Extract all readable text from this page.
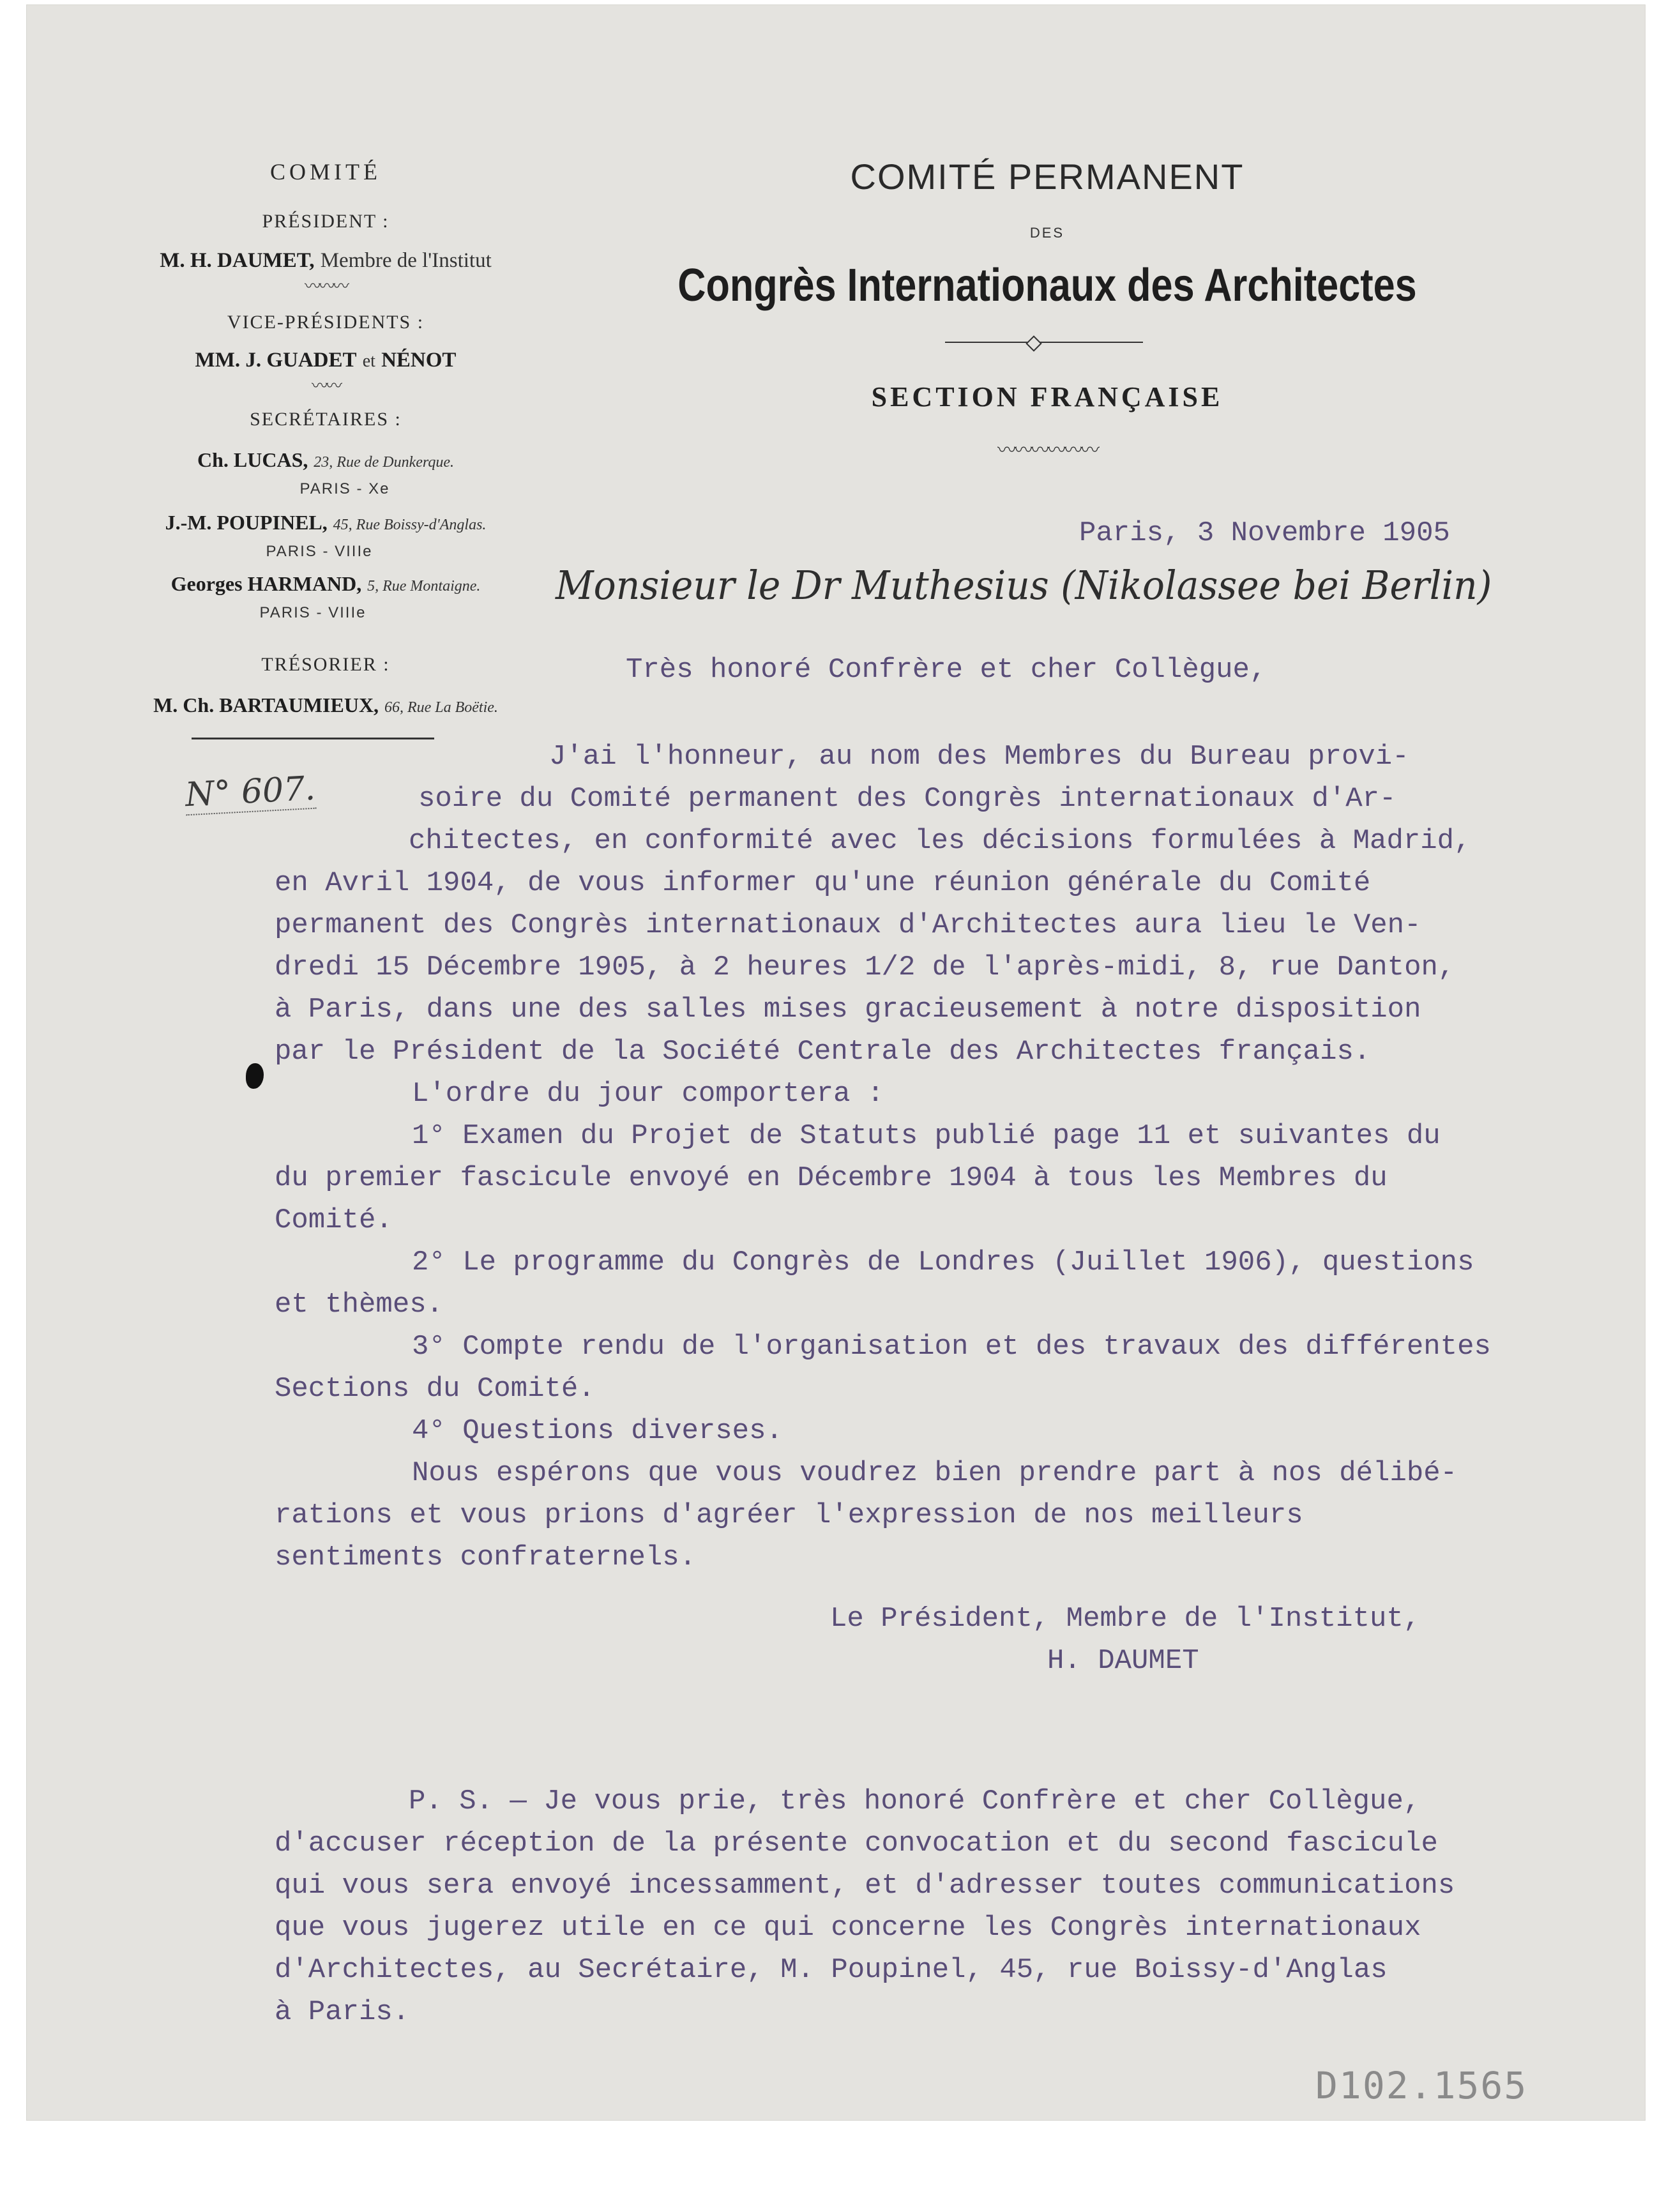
COMITÉ
PRÉSIDENT :
M. H. DAUMET, Membre de l'Institut
〰〰〰
VICE-PRÉSIDENTS :
MM. J. GUADET et NÉNOT
〰〰
SECRÉTAIRES :
Ch. LUCAS, 23, Rue de Dunkerque.
PARIS - Xe
J.-M. POUPINEL, 45, Rue Boissy-d'Anglas.
PARIS - VIIIe
Georges HARMAND, 5, Rue Montaigne.
PARIS - VIIIe
TRÉSORIER :
M. Ch. BARTAUMIEUX, 66, Rue La Boëtie.
COMITÉ PERMANENT
DES
Congrès Internationaux des Architectes
SECTION FRANÇAISE
〰〰〰〰〰〰
N° 607.
Paris, 3 Novembre 1905
Monsieur le Dr Muthesius (Nikolassee bei Berlin)
Très honoré Confrère et cher Collègue,
J'ai l'honneur, au nom des Membres du Bureau provi-
soire du Comité permanent des Congrès internationaux d'Ar-
chitectes, en conformité avec les décisions formulées à Madrid,
en Avril 1904, de vous informer qu'une réunion générale du Comité
permanent des Congrès internationaux d'Architectes aura lieu le Ven-
dredi 15 Décembre 1905, à 2 heures 1/2 de l'après-midi, 8, rue Danton,
à Paris, dans une des salles mises gracieusement à notre disposition
par le Président de la Société Centrale des Architectes français.
L'ordre du jour comportera :
1° Examen du Projet de Statuts publié page 11 et suivantes du
du premier fascicule envoyé en Décembre 1904 à tous les Membres du
Comité.
2° Le programme du Congrès de Londres (Juillet 1906), questions
et thèmes.
3° Compte rendu de l'organisation et des travaux des différentes
Sections du Comité.
4° Questions diverses.
Nous espérons que vous voudrez bien prendre part à nos délibé-
rations et vous prions d'agréer l'expression de nos meilleurs
sentiments confraternels.
Le Président, Membre de l'Institut,
H. DAUMET
P. S. — Je vous prie, très honoré Confrère et cher Collègue,
d'accuser réception de la présente convocation et du second fascicule
qui vous sera envoyé incessamment, et d'adresser toutes communications
que vous jugerez utile en ce qui concerne les Congrès internationaux
d'Architectes, au Secrétaire, M. Poupinel, 45, rue Boissy-d'Anglas
à Paris.
D102.1565
